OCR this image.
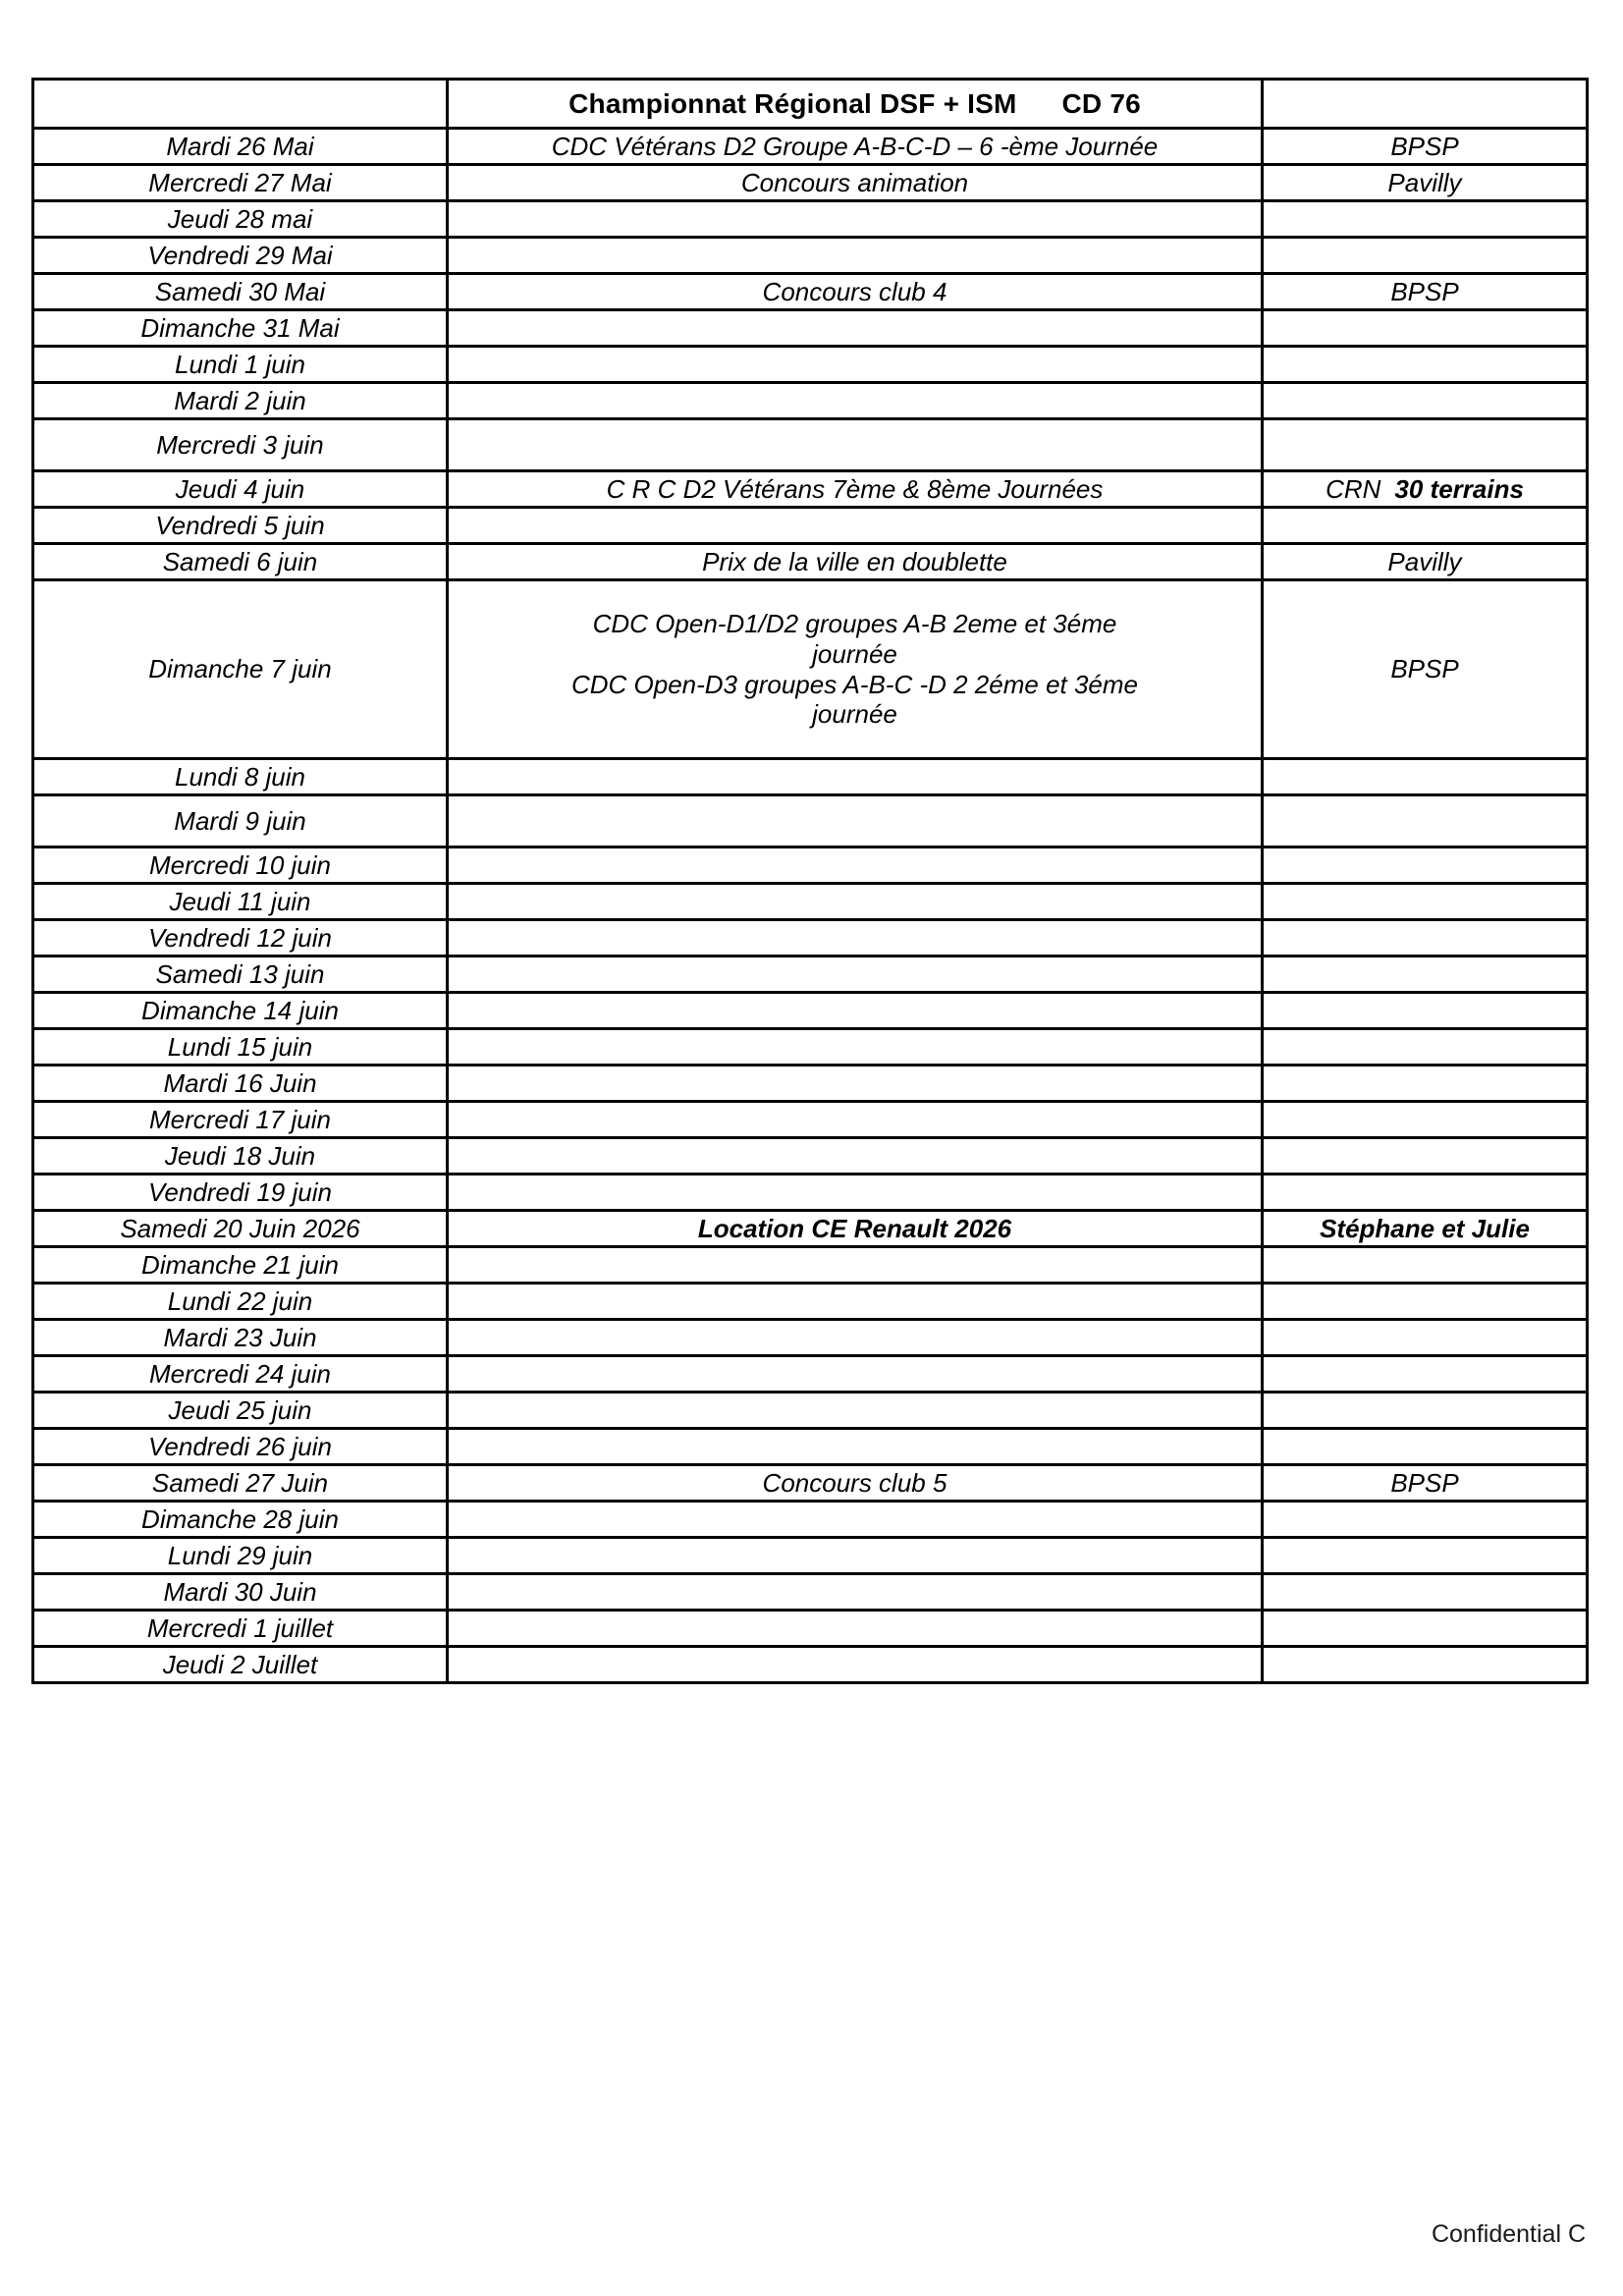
	Championnat Régional DSF + ISM CD 76	
Mardi 26 Mai	CDC Vétérans D2 Groupe A-B-C-D – 6 -ème Journée	BPSP
Mercredi 27 Mai	Concours animation	Pavilly
Jeudi 28 mai		
Vendredi 29 Mai		
Samedi 30 Mai	Concours club 4	BPSP
Dimanche 31 Mai		
Lundi 1 juin		
Mardi 2 juin		
Mercredi 3 juin		
Jeudi 4 juin	C R C D2 Vétérans 7ème & 8ème Journées	CRN 30 terrains
Vendredi 5 juin		
Samedi 6 juin	Prix de la ville en doublette	Pavilly
Dimanche 7 juin	CDC Open-D1/D2 groupes A-B 2eme et 3éme
journée
CDC Open-D3 groupes A-B-C -D 2 2éme et 3éme
journée	BPSP
Lundi 8 juin		
Mardi 9 juin		
Mercredi 10 juin		
Jeudi 11 juin		
Vendredi 12 juin		
Samedi 13 juin		
Dimanche 14 juin		
Lundi 15 juin		
Mardi 16 Juin		
Mercredi 17 juin		
Jeudi 18 Juin		
Vendredi 19 juin		
Samedi 20 Juin 2026	Location CE Renault 2026	Stéphane et Julie
Dimanche 21 juin		
Lundi 22 juin		
Mardi 23 Juin		
Mercredi 24 juin		
Jeudi 25 juin		
Vendredi 26 juin		
Samedi 27 Juin	Concours club 5	BPSP
Dimanche 28 juin		
Lundi 29 juin		
Mardi 30 Juin		
Mercredi 1 juillet		
Jeudi 2 Juillet		
Confidential C
